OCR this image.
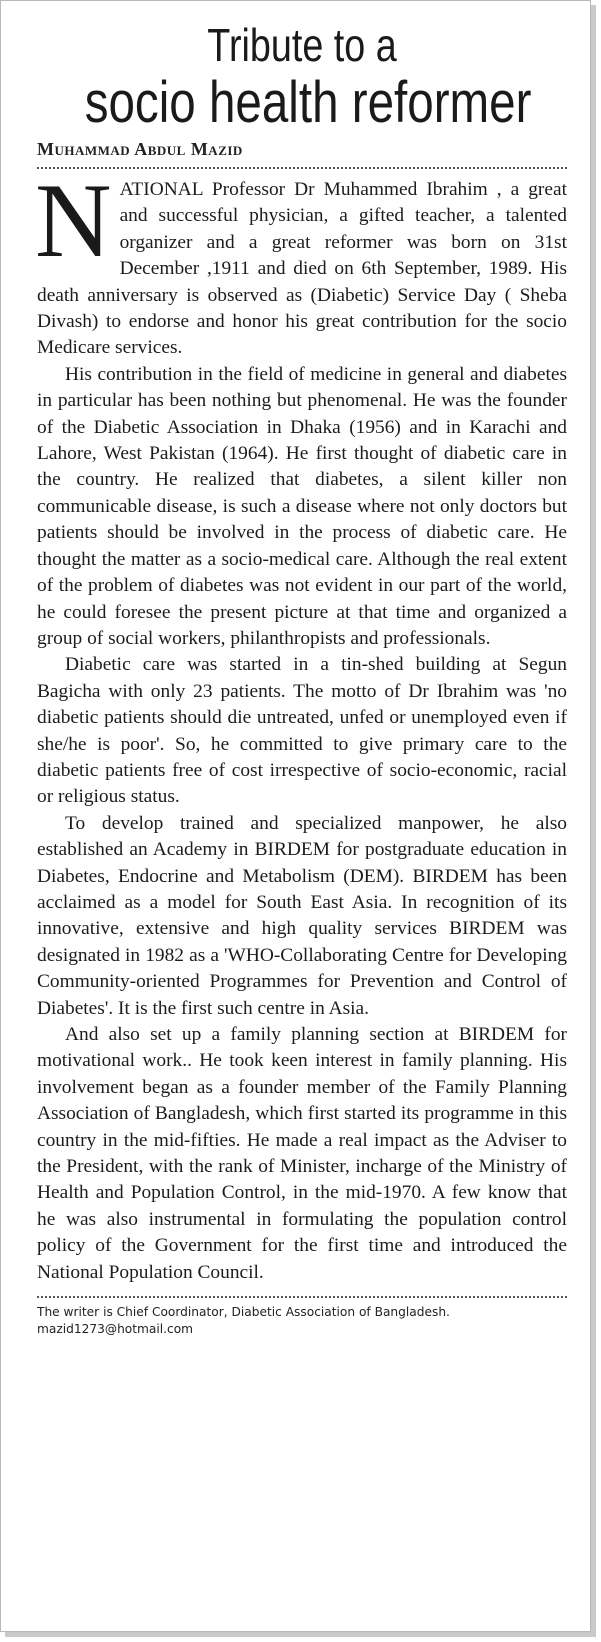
Tribute to a
socio health reformer
Muhammad Abdul Mazid

NATIONAL Professor Dr Muhammed Ibrahim , a great and successful physician, a gifted teacher, a talented organizer and a great reformer was born on 31st December ,1911 and died on 6th September, 1989. His death anniversary is observed as (Diabetic) Service Day ( Sheba Divash) to endorse and honor his great contribution for the socio Medicare services.

His contribution in the field of medicine in general and diabetes in particular has been nothing but phenomenal. He was the founder of the Diabetic Association in Dhaka (1956) and in Karachi and Lahore, West Pakistan (1964). He first thought of diabetic care in the country. He realized that diabetes, a silent killer non communicable disease, is such a disease where not only doctors but patients should be involved in the process of diabetic care. He thought the matter as a socio-medical care. Although the real extent of the problem of diabetes was not evident in our part of the world, he could foresee the present picture at that time and organized a group of social workers, philanthropists and professionals.

Diabetic care was started in a tin-shed building at Segun Bagicha with only 23 patients. The motto of Dr Ibrahim was 'no diabetic patients should die untreated, unfed or unemployed even if she/he is poor'. So, he committed to give primary care to the diabetic patients free of cost irrespective of socio-economic, racial or religious status.

To develop trained and specialized manpower, he also established an Academy in BIRDEM for postgraduate education in Diabetes, Endocrine and Metabolism (DEM). BIRDEM has been acclaimed as a model for South East Asia. In recognition of its innovative, extensive and high quality services BIRDEM was designated in 1982 as a 'WHO-Collaborating Centre for Developing Community-oriented Programmes for Prevention and Control of Diabetes'. It is the first such centre in Asia.

And also set up a family planning section at BIRDEM for motivational work.. He took keen interest in family planning. His involvement began as a founder member of the Family Planning Association of Bangladesh, which first started its programme in this country in the mid-fifties. He made a real impact as the Adviser to the President, with the rank of Minister, incharge of the Ministry of Health and Population Control, in the mid-1970. A few know that he was also instrumental in formulating the population control policy of the Government for the first time and introduced the National Population Council.

The writer is Chief Coordinator, Diabetic Association of Bangladesh.
mazid1273@hotmail.com
